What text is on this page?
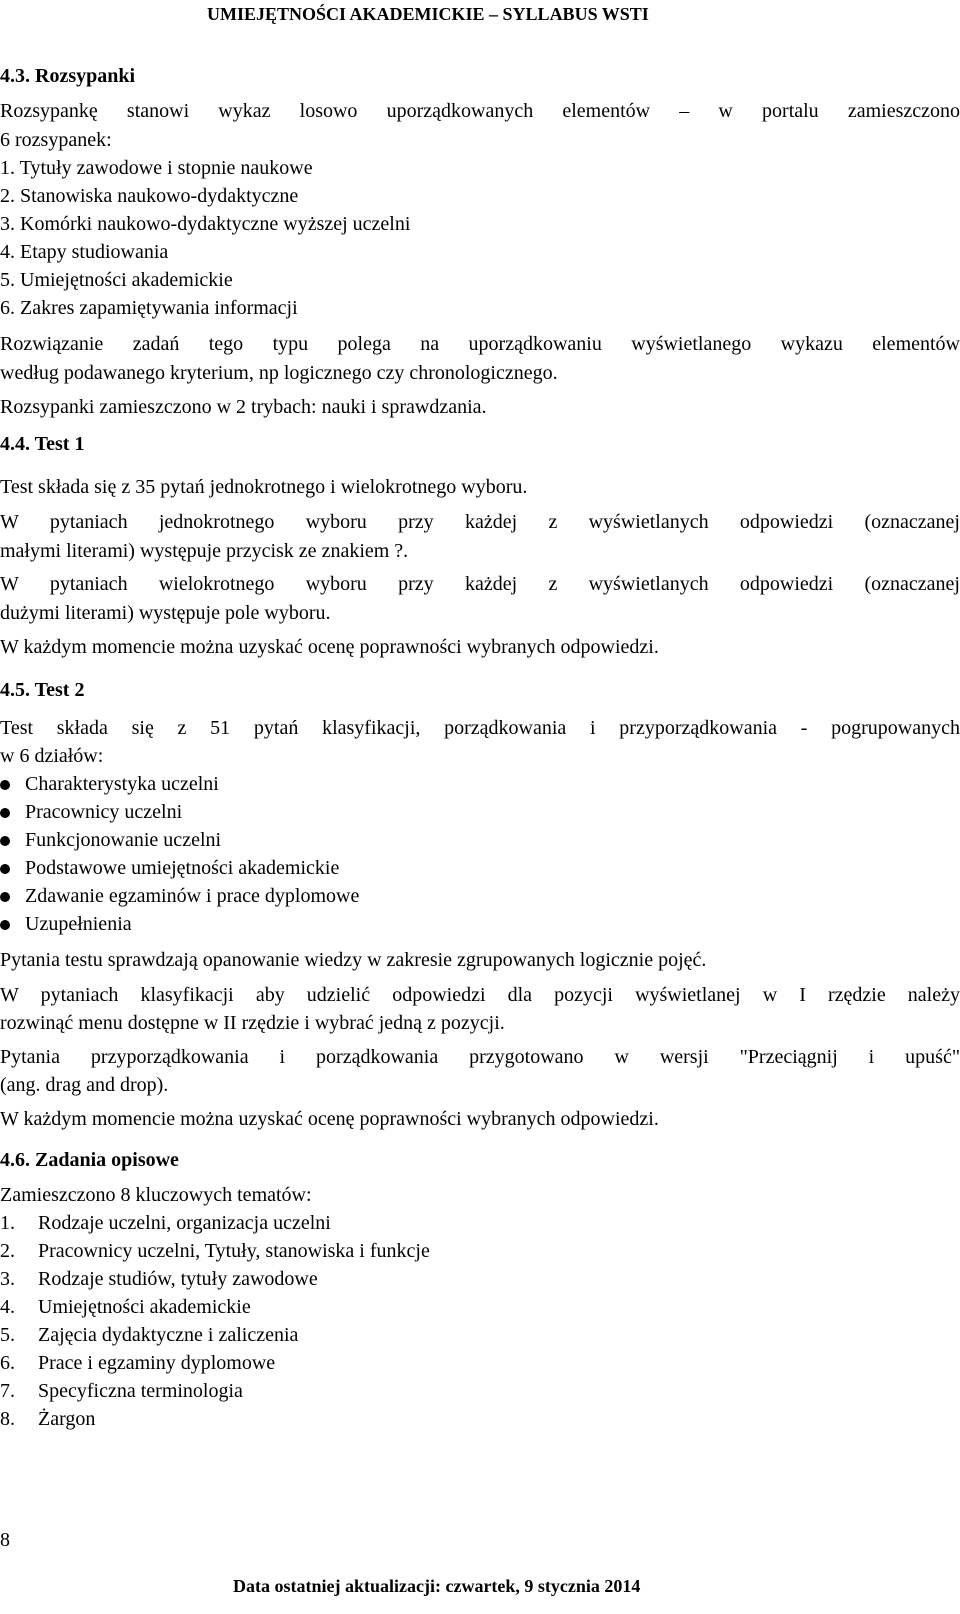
UMIEJĘTNOŚCI AKADEMICKIE – SYLLABUS WSTI
4.3. Rozsypanki
Rozsypankę stanowi wykaz losowo uporządkowanych elementów – w portalu zamieszczono
6 rozsypanek:
1. Tytuły zawodowe i stopnie naukowe
2. Stanowiska naukowo-dydaktyczne
3. Komórki naukowo-dydaktyczne wyższej uczelni
4. Etapy studiowania
5. Umiejętności akademickie
6. Zakres zapamiętywania informacji
Rozwiązanie zadań tego typu polega na uporządkowaniu wyświetlanego wykazu elementów
według podawanego kryterium, np logicznego czy chronologicznego.
Rozsypanki zamieszczono w 2 trybach: nauki i sprawdzania.
4.4. Test 1
Test składa się z 35 pytań jednokrotnego i wielokrotnego wyboru.
W pytaniach jednokrotnego wyboru przy każdej z wyświetlanych odpowiedzi (oznaczanej
małymi literami) występuje przycisk ze znakiem ?.
W pytaniach wielokrotnego wyboru przy każdej z wyświetlanych odpowiedzi (oznaczanej
dużymi literami) występuje pole wyboru.
W każdym momencie można uzyskać ocenę poprawności wybranych odpowiedzi.
4.5. Test 2
Test składa się z 51 pytań klasyfikacji, porządkowania i przyporządkowania - pogrupowanych
w 6 działów:
Charakterystyka uczelni
Pracownicy uczelni
Funkcjonowanie uczelni
Podstawowe umiejętności akademickie
Zdawanie egzaminów i prace dyplomowe
Uzupełnienia
Pytania testu sprawdzają opanowanie wiedzy w zakresie zgrupowanych logicznie pojęć.
W pytaniach klasyfikacji aby udzielić odpowiedzi dla pozycji wyświetlanej w I rzędzie należy
rozwinąć menu dostępne w II rzędzie i wybrać jedną z pozycji.
Pytania przyporządkowania i porządkowania przygotowano w wersji "Przeciągnij i upuść"
(ang. drag and drop).
W każdym momencie można uzyskać ocenę poprawności wybranych odpowiedzi.
4.6. Zadania opisowe
Zamieszczono 8 kluczowych tematów:
1. Rodzaje uczelni, organizacja uczelni
2. Pracownicy uczelni, Tytuły, stanowiska i funkcje
3. Rodzaje studiów, tytuły zawodowe
4. Umiejętności akademickie
5. Zajęcia dydaktyczne i zaliczenia
6. Prace i egzaminy dyplomowe
7. Specyficzna terminologia
8. Żargon
8
Data ostatniej aktualizacji: czwartek, 9 stycznia 2014
